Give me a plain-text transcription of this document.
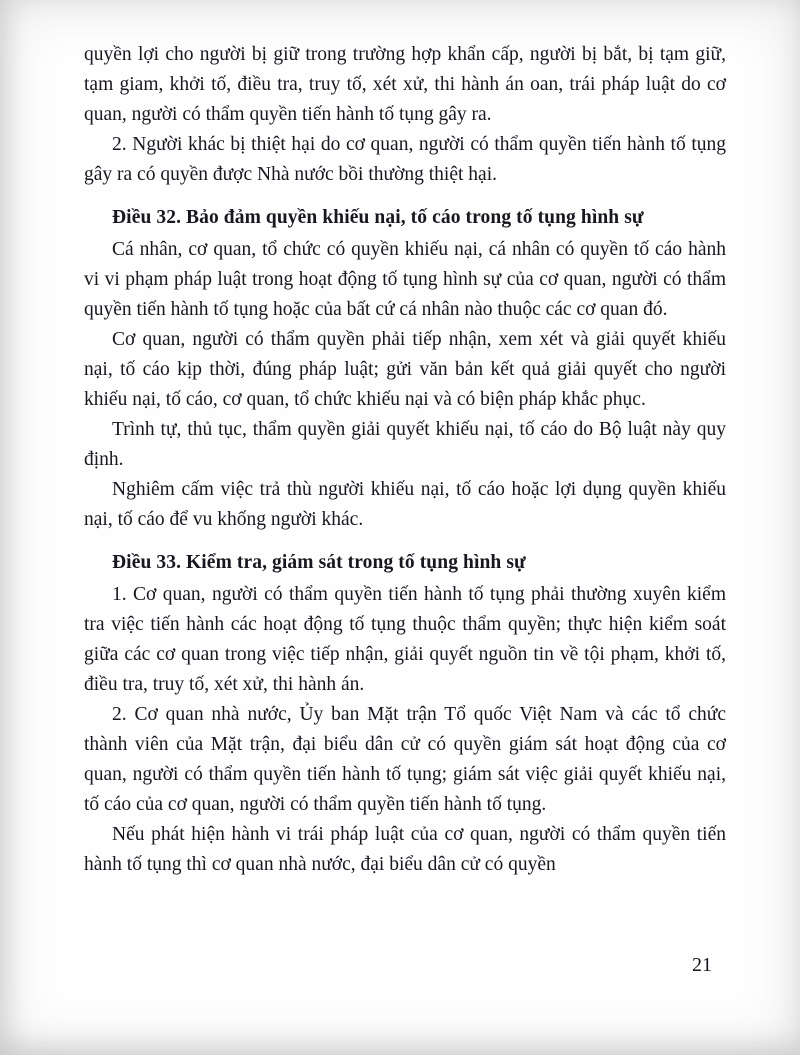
quyền lợi cho người bị giữ trong trường hợp khẩn cấp, người bị bắt, bị tạm giữ, tạm giam, khởi tố, điều tra, truy tố, xét xử, thi hành án oan, trái pháp luật do cơ quan, người có thẩm quyền tiến hành tố tụng gây ra.

2. Người khác bị thiệt hại do cơ quan, người có thẩm quyền tiến hành tố tụng gây ra có quyền được Nhà nước bồi thường thiệt hại.

Điều 32. Bảo đảm quyền khiếu nại, tố cáo trong tố tụng hình sự

Cá nhân, cơ quan, tổ chức có quyền khiếu nại, cá nhân có quyền tố cáo hành vi vi phạm pháp luật trong hoạt động tố tụng hình sự của cơ quan, người có thẩm quyền tiến hành tố tụng hoặc của bất cứ cá nhân nào thuộc các cơ quan đó.

Cơ quan, người có thẩm quyền phải tiếp nhận, xem xét và giải quyết khiếu nại, tố cáo kịp thời, đúng pháp luật; gửi văn bản kết quả giải quyết cho người khiếu nại, tố cáo, cơ quan, tổ chức khiếu nại và có biện pháp khắc phục.

Trình tự, thủ tục, thẩm quyền giải quyết khiếu nại, tố cáo do Bộ luật này quy định.

Nghiêm cấm việc trả thù người khiếu nại, tố cáo hoặc lợi dụng quyền khiếu nại, tố cáo để vu khống người khác.

Điều 33. Kiểm tra, giám sát trong tố tụng hình sự

1. Cơ quan, người có thẩm quyền tiến hành tố tụng phải thường xuyên kiểm tra việc tiến hành các hoạt động tố tụng thuộc thẩm quyền; thực hiện kiểm soát giữa các cơ quan trong việc tiếp nhận, giải quyết nguồn tin về tội phạm, khởi tố, điều tra, truy tố, xét xử, thi hành án.

2. Cơ quan nhà nước, Ủy ban Mặt trận Tổ quốc Việt Nam và các tổ chức thành viên của Mặt trận, đại biểu dân cử có quyền giám sát hoạt động của cơ quan, người có thẩm quyền tiến hành tố tụng; giám sát việc giải quyết khiếu nại, tố cáo của cơ quan, người có thẩm quyền tiến hành tố tụng.

Nếu phát hiện hành vi trái pháp luật của cơ quan, người có thẩm quyền tiến hành tố tụng thì cơ quan nhà nước, đại biểu dân cử có quyền

21
